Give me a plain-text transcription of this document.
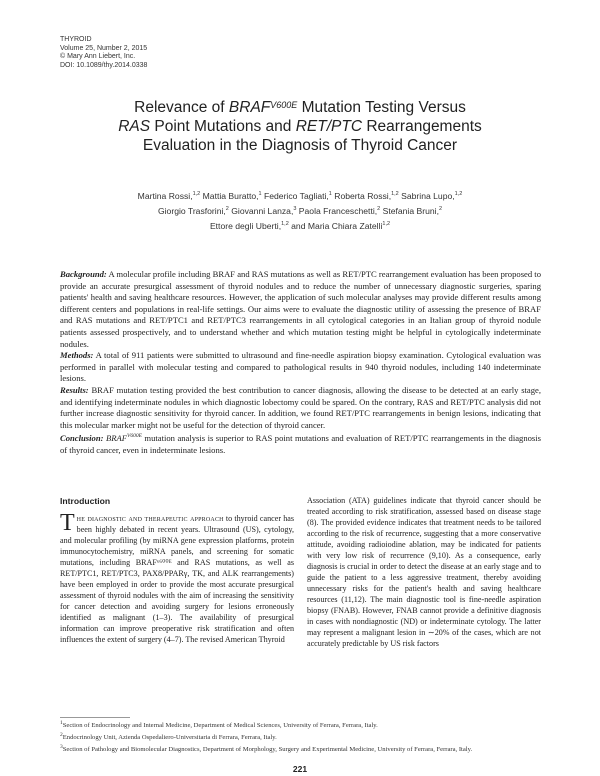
THYROID
Volume 25, Number 2, 2015
© Mary Ann Liebert, Inc.
DOI: 10.1089/thy.2014.0338
Relevance of $BRAF^{V600E}$ Mutation Testing Versus
RAS Point Mutations and RET/PTC Rearrangements
Evaluation in the Diagnosis of Thyroid Cancer
Martina Rossi,$^{1,2}$ Mattia Buratto,$^1$ Federico Tagliati,$^1$ Roberta Rossi,$^{1,2}$ Sabrina Lupo,$^{1,2}$
Giorgio Trasforini,$^2$ Giovanni Lanza,$^3$ Paola Franceschetti,$^2$ Stefania Bruni,$^2$
Ettore degli Uberti,$^{1,2}$ and Maria Chiara Zatelli$^{1,2}$

Background: A molecular profile including BRAF and RAS mutations as well as RET/PTC rearrangement evaluation has been proposed to provide an accurate presurgical assessment of thyroid nodules and to reduce the number of unnecessary diagnostic surgeries, sparing patients' health and saving healthcare resources. However, the application of such molecular analyses may provide different results among different centers and populations in real-life settings. Our aims were to evaluate the diagnostic utility of assessing the presence of BRAF and RAS mutations and RET/PTC1 and RET/PTC3 rearrangements in all cytological categories in an Italian group of thyroid nodule patients assessed prospectively, and to understand whether and which mutation testing might be helpful in cytologically indeterminate nodules.

Methods: A total of 911 patients were submitted to ultrasound and fine-needle aspiration biopsy examination. Cytological evaluation was performed in parallel with molecular testing and compared to pathological results in 940 thyroid nodules, including 140 indeterminate lesions.

Results: BRAF mutation testing provided the best contribution to cancer diagnosis, allowing the disease to be detected at an early stage, and identifying indeterminate nodules in which diagnostic lobectomy could be spared. On the contrary, RAS and RET/PTC analysis did not further increase diagnostic sensitivity for thyroid cancer. In addition, we found RET/PTC rearrangements in benign lesions, indicating that this molecular marker might not be useful for the detection of thyroid cancer.

Conclusion: $BRAF^{V600E}$ mutation analysis is superior to RAS point mutations and evaluation of RET/PTC rearrangements in the diagnosis of thyroid cancer, even in indeterminate lesions.

Introduction

The diagnostic and therapeutic approach to thyroid cancer has been highly debated in recent years. Ultrasound (US), cytology, and molecular profiling (by miRNA gene expression platforms, protein immunocytochemistry, miRNA panels, and screening for somatic mutations, including BRAFᵛ⁶⁰⁰ᴱ and RAS mutations, as well as RET/PTC1, RET/PTC3, PAX8/PPARγ, TK, and ALK rearrangements) have been employed in order to provide the most accurate presurgical assessment of thyroid nodules with the aim of increasing the sensitivity for cancer detection and avoiding surgery for lesions erroneously identified as malignant (1–3). The availability of presurgical information can improve preoperative risk stratification and often influences the extent of surgery (4–7). The revised American Thyroid

Association (ATA) guidelines indicate that thyroid cancer should be treated according to risk stratification, assessed based on disease stage (8). The provided evidence indicates that treatment needs to be tailored according to the risk of recurrence, suggesting that a more conservative attitude, avoiding radioiodine ablation, may be indicated for patients with very low risk of recurrence (9,10). As a consequence, early diagnosis is crucial in order to detect the disease at an early stage and to guide the patient to a less aggressive treatment, thereby avoiding unnecessary risks for the patient's health and saving healthcare resources (11,12). The main diagnostic tool is fine-needle aspiration biopsy (FNAB). However, FNAB cannot provide a definitive diagnosis in cases with nondiagnostic (ND) or indeterminate cytology. The latter may represent a malignant lesion in ∼20% of the cases, which are not accurately predictable by US risk factors

$^1$Section of Endocrinology and Internal Medicine, Department of Medical Sciences, University of Ferrara, Ferrara, Italy.

$^2$Endocrinology Unit, Azienda Ospedaliero-Universitaria di Ferrara, Ferrara, Italy.

$^3$Section of Pathology and Biomolecular Diagnostics, Department of Morphology, Surgery and Experimental Medicine, University of Ferrara, Ferrara, Italy.

221
